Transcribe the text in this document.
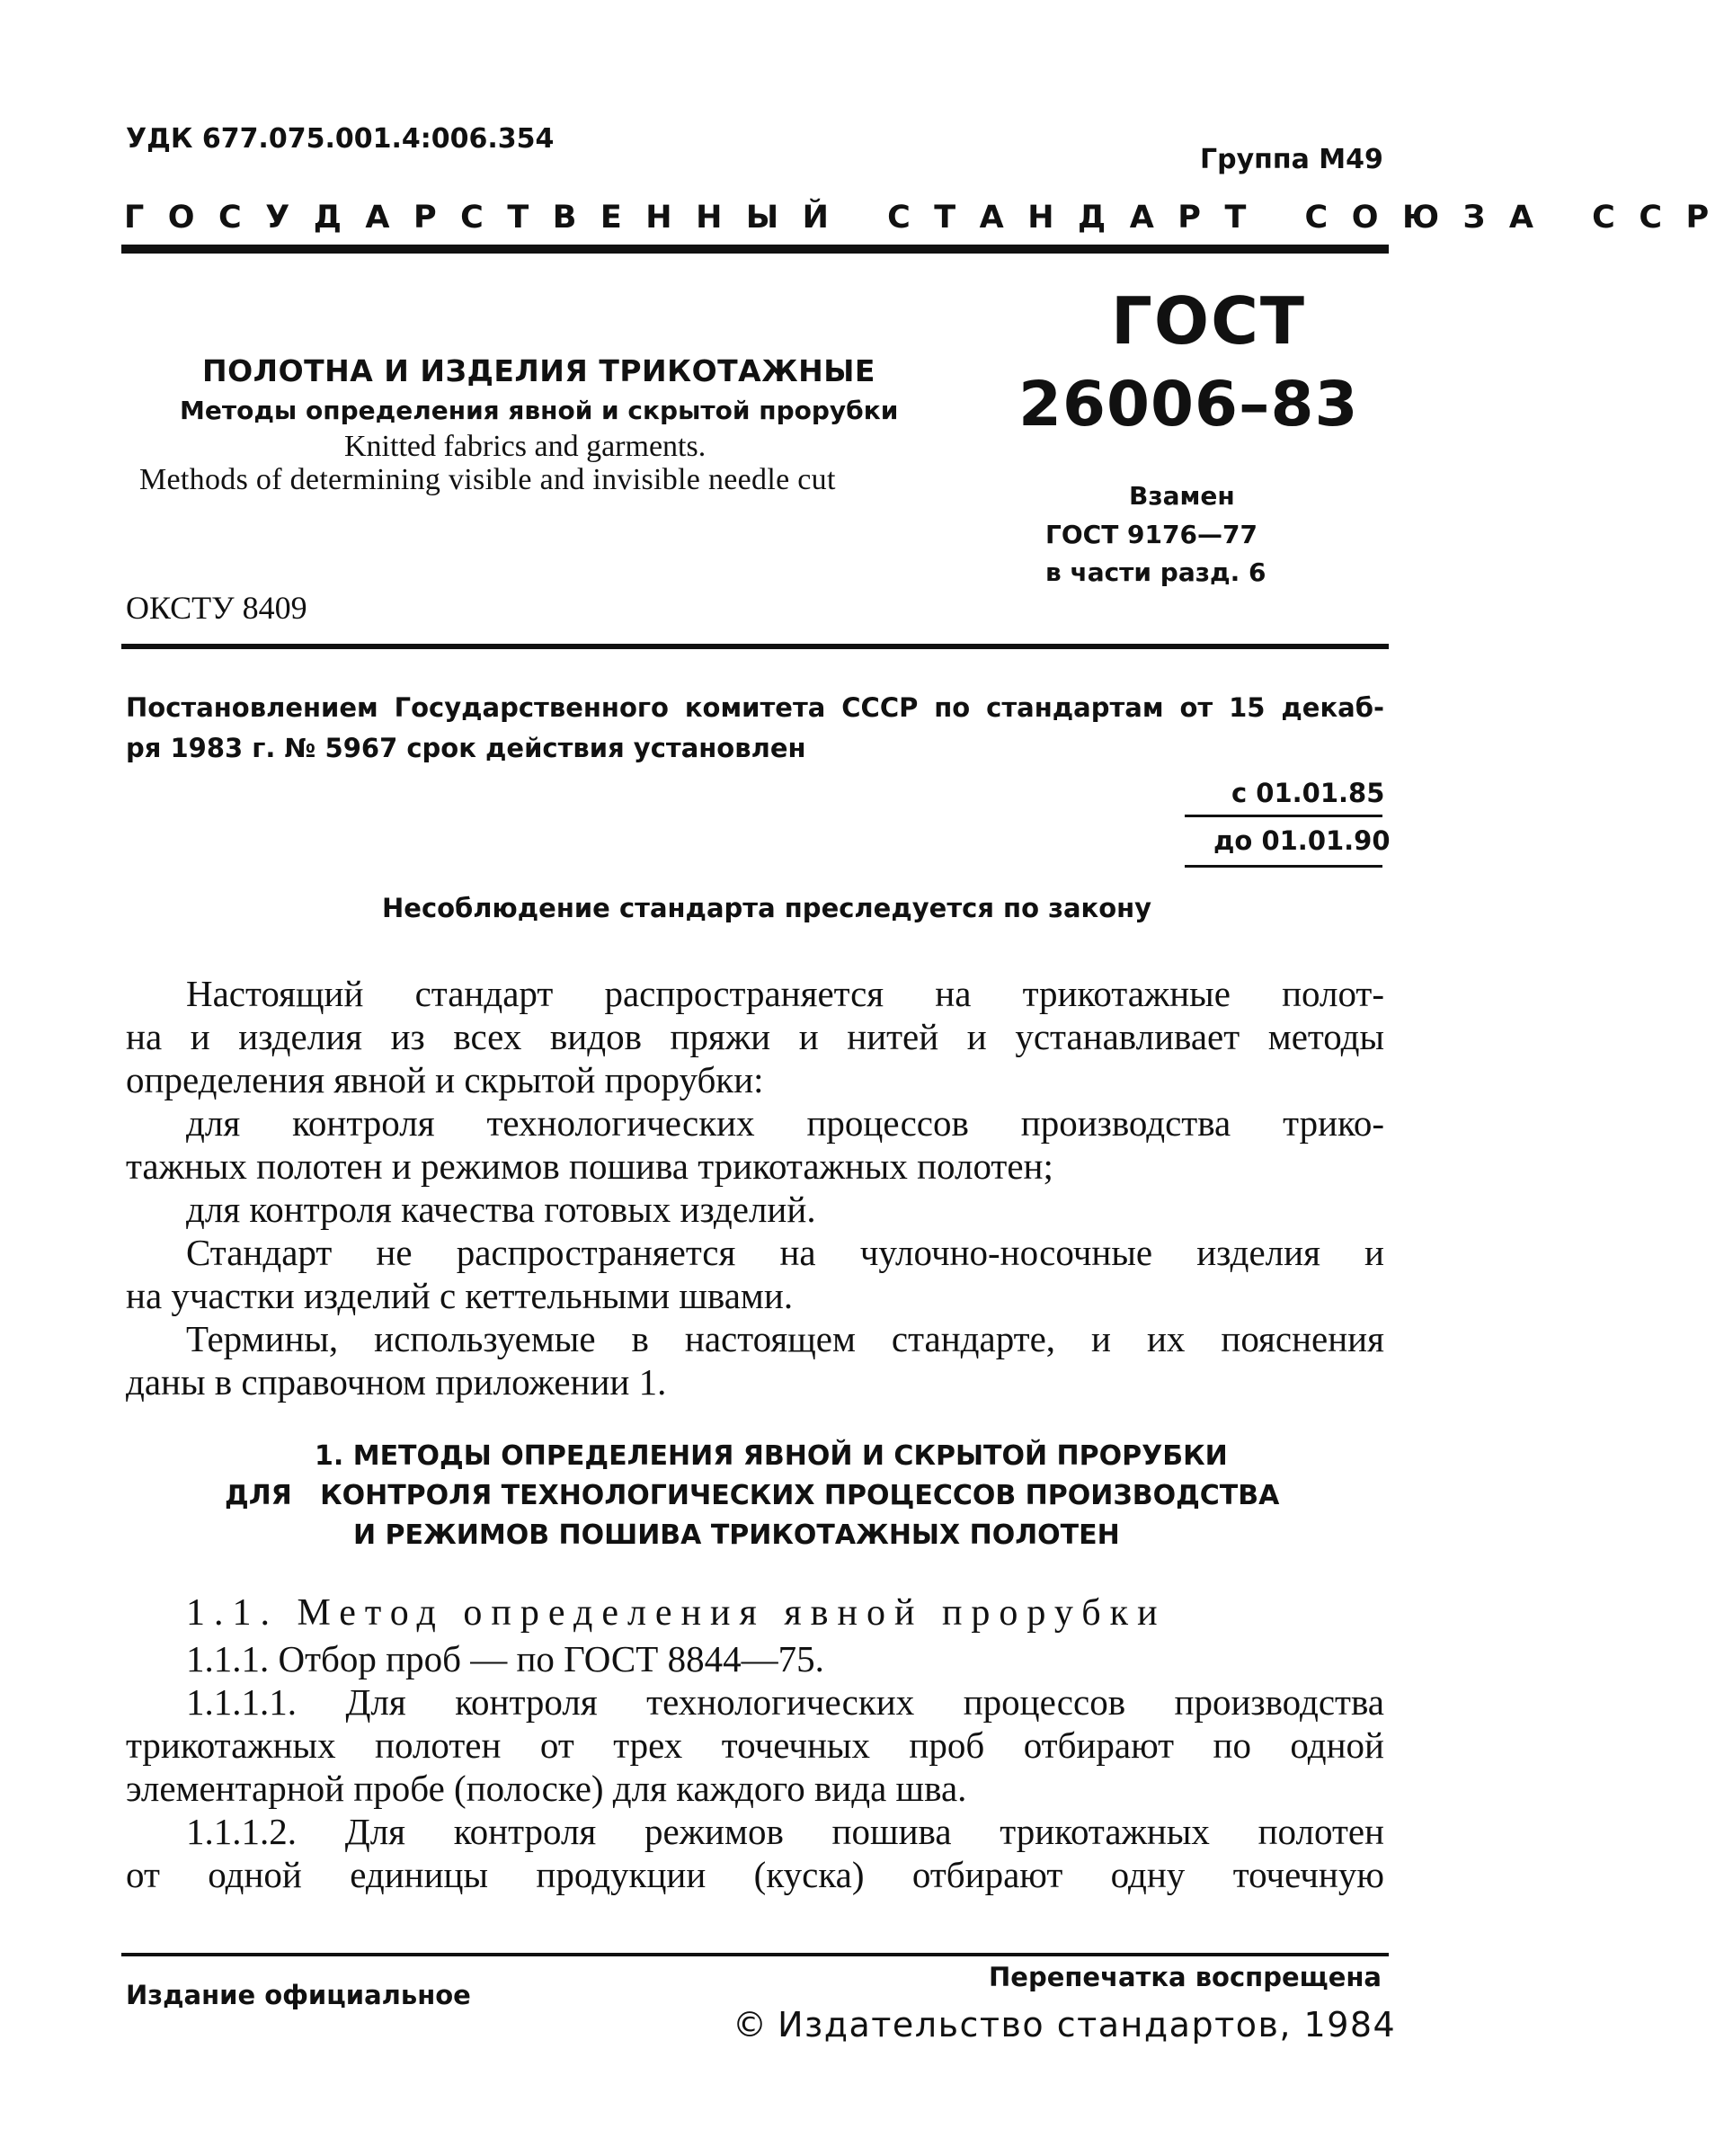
УДК 677.075.001.4:006.354
Группа М49
ГОСУДАРСТВЕННЫЙ СТАНДАРТ СОЮЗА ССР
ПОЛОТНА И ИЗДЕЛИЯ ТРИКОТАЖНЫЕ
Методы определения явной и скрытой прорубки
Knitted fabrics and garments.
Methods of determining visible and invisible needle cut
ОКСТУ 8409
ГОСТ
26006–83
Взамен
ГОСТ 9176—77
в части разд. 6
Постановлением Государственного комитета СССР по стандартам от 15 декаб-
ря 1983 г. № 5967 срок действия установлен
с 01.01.85
до 01.01.90
Несоблюдение стандарта преследуется по закону
Настоящий стандарт распространяется на трикотажные полот-
на и изделия из всех видов пряжи и нитей и устанавливает методы
определения явной и скрытой прорубки:
для контроля технологических процессов производства трико-
тажных полотен и режимов пошива трикотажных полотен;
для контроля качества готовых изделий.
Стандарт не распространяется на чулочно-носочные изделия и
на участки изделий с кеттельными швами.
Термины, используемые в настоящем стандарте, и их пояснения
даны в справочном приложении 1.
1. МЕТОДЫ ОПРЕДЕЛЕНИЯ ЯВНОЙ И СКРЫТОЙ ПРОРУБКИ
ДЛЯ   КОНТРОЛЯ ТЕХНОЛОГИЧЕСКИХ ПРОЦЕССОВ ПРОИЗВОДСТВА
И РЕЖИМОВ ПОШИВА ТРИКОТАЖНЫХ ПОЛОТЕН
1.1. Метод определения явной прорубки
1.1.1. Отбор проб — по ГОСТ 8844—75.
1.1.1.1. Для контроля технологических процессов производства
трикотажных полотен от трех точечных проб отбирают по одной
элементарной пробе (полоске) для каждого вида шва.
1.1.1.2. Для контроля режимов пошива трикотажных полотен
от одной единицы продукции (куска) отбирают одну точечную
Издание официальное
Перепечатка воспрещена
© Издательство стандартов, 1984
